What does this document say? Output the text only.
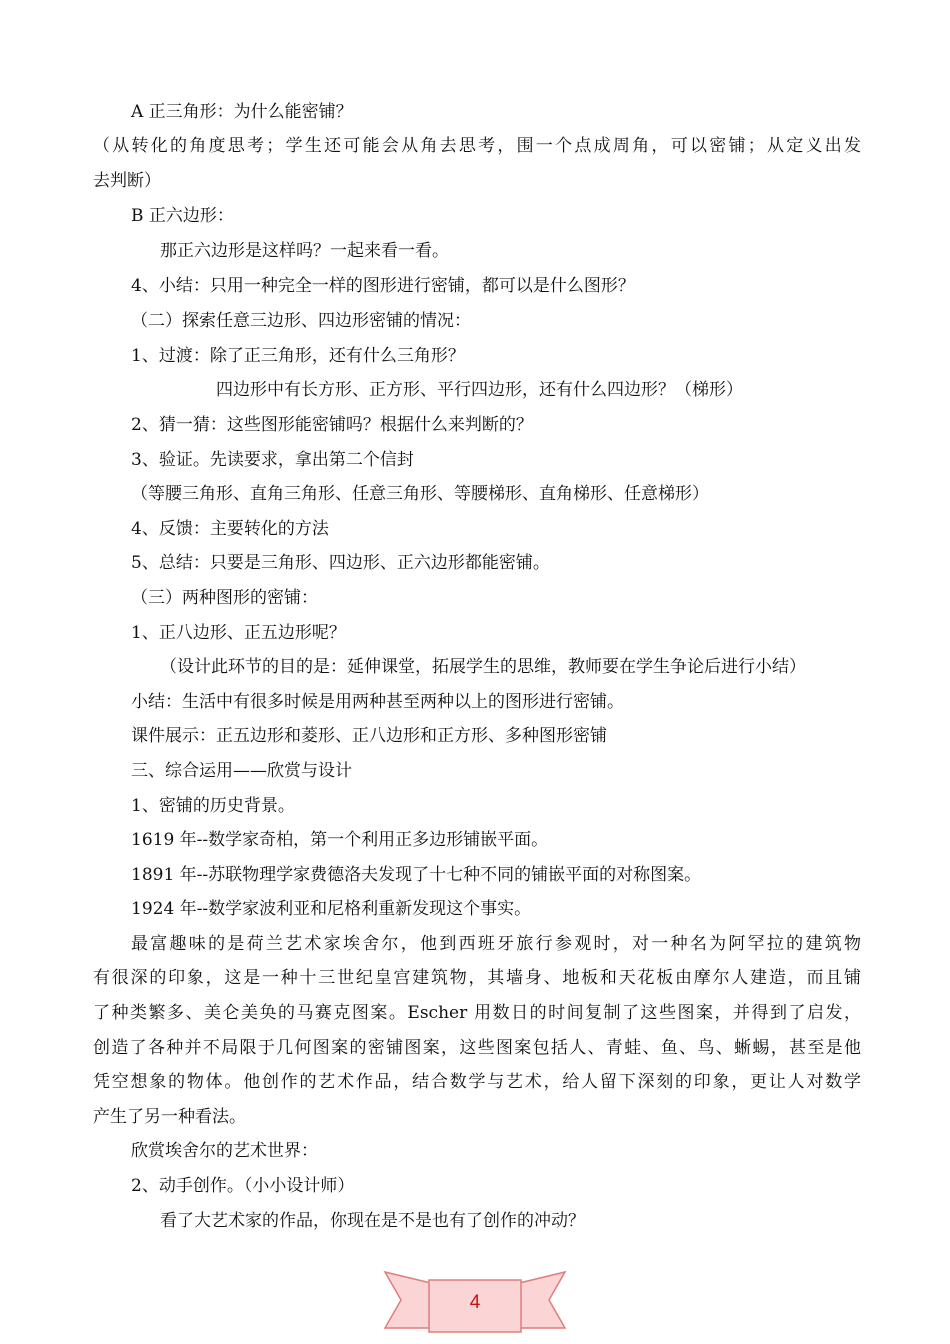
A 正三角形：为什么能密铺？
（从转化的角度思考；学生还可能会从角去思考，围一个点成周角，可以密铺；从定义出发
去判断）
B 正六边形：
那正六边形是这样吗？一起来看一看。
4、小结：只用一种完全一样的图形进行密铺，都可以是什么图形？
（二）探索任意三边形、四边形密铺的情况：
1、过渡：除了正三角形，还有什么三角形？
四边形中有长方形、正方形、平行四边形，还有什么四边形？（梯形）
2、猜一猜：这些图形能密铺吗？根据什么来判断的？
3、验证。先读要求，拿出第二个信封
（等腰三角形、直角三角形、任意三角形、等腰梯形、直角梯形、任意梯形）
4、反馈：主要转化的方法
5、总结：只要是三角形、四边形、正六边形都能密铺。
（三）两种图形的密铺：
1、正八边形、正五边形呢？
（设计此环节的目的是：延伸课堂，拓展学生的思维，教师要在学生争论后进行小结）
小结：生活中有很多时候是用两种甚至两种以上的图形进行密铺。
课件展示：正五边形和菱形、正八边形和正方形、多种图形密铺
三、综合运用——欣赏与设计
1、密铺的历史背景。
1619 年--数学家奇柏，第一个利用正多边形铺嵌平面。
1891 年--苏联物理学家费德洛夫发现了十七种不同的铺嵌平面的对称图案。
1924 年--数学家波利亚和尼格利重新发现这个事实。
最富趣味的是荷兰艺术家埃舍尔，他到西班牙旅行参观时，对一种名为阿罕拉的建筑物
有很深的印象，这是一种十三世纪皇宫建筑物，其墙身、地板和天花板由摩尔人建造，而且铺
了种类繁多、美仑美奂的马赛克图案。Escher 用数日的时间复制了这些图案，并得到了启发，
创造了各种并不局限于几何图案的密铺图案，这些图案包括人、青蛙、鱼、鸟、蜥蜴，甚至是他
凭空想象的物体。他创作的艺术作品，结合数学与艺术，给人留下深刻的印象，更让人对数学
产生了另一种看法。
欣赏埃舍尔的艺术世界：
2、动手创作。（小小设计师）
看了大艺术家的作品，你现在是不是也有了创作的冲动？
4
